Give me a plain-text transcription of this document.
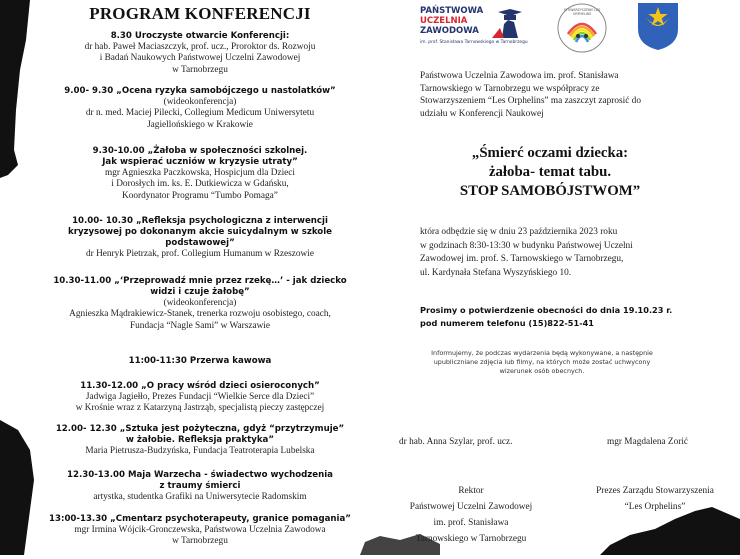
PROGRAM KONFERENCJI
8.30 Uroczyste otwarcie Konferencji:
dr hab. Paweł Maciaszczyk, prof. ucz., Proroktor ds. Rozwoju
i Badań Naukowych Państwowej Uczelni Zawodowej
w Tarnobrzegu
9.00- 9.30 „Ocena ryzyka samobójczego u nastolatków”
(wideokonferencja)
dr n. med. Maciej Pilecki, Collegium Medicum Uniwersytetu
Jagiellońskiego w Krakowie
9.30-10.00 „Żałoba w społeczności szkolnej.
Jak wspierać uczniów w kryzysie utraty”
mgr Agnieszka Paczkowska, Hospicjum dla Dzieci
i Dorosłych im. ks. E. Dutkiewicza w Gdańsku,
Koordynator Programu “Tumbo Pomaga”
10.00- 10.30 „Refleksja psychologiczna z interwencji
kryzysowej po dokonanym akcie suicydalnym w szkole
podstawowej”
dr Henryk Pietrzak, prof. Collegium Humanum w Rzeszowie
10.30-11.00 „‘Przeprowadź mnie przez rzekę…’ - jak dziecko
widzi i czuje żałobę”
(wideokonferencja)
Agnieszka Mądrakiewicz-Stanek, trenerka rozwoju osobistego, coach,
Fundacja “Nagle Sami” w Warszawie
11:00-11:30 Przerwa kawowa
11.30-12.00 „O pracy wśród dzieci osieroconych”
Jadwiga Jagiełło, Prezes Fundacji “Wielkie Serce dla Dzieci”
w Krośnie wraz z Katarzyną Jastrząb, specjalistą pieczy zastępczej
12.00- 12.30 „Sztuka jest pożyteczna, gdyż “przytrzymuje”
w żałobie. Refleksja praktyka”
Maria Pietrusza-Budzyńska, Fundacja Teatroterapia Lubelska
12.30-13.00 Maja Warzecha - świadectwo wychodzenia
z traumy śmierci
artystka, studentka Grafiki na Uniwersytecie Radomskim
13:00-13.30 „Cmentarz psychoterapeuty, granice pomagania”
mgr Irmina Wójcik-Gronczewska, Państwowa Uczelnia Zawodowa
w Tarnobrzegu
PAŃSTWOWA
UCZELNIA
ZAWODOWA
im. prof. Stanisława Tarnowskiego w Tarnobrzegu
STOWARZYSZENIE LES ORPHELINS
Państwowa Uczelnia Zawodowa im. prof. Stanisława
Tarnowskiego w Tarnobrzegu we współpracy ze
Stowarzyszeniem “Les Orphelins” ma zaszczyt zaprosić do
udziału w Konferencji Naukowej
„Śmierć oczami dziecka:
żałoba- temat tabu.
STOP SAMOBÓJSTWOM”
która odbędzie się w dniu 23 października 2023 roku
w godzinach 8:30-13:30 w budynku Państwowej Uczelni
Zawodowej im. prof. S. Tarnowskiego w Tarnobrzegu,
ul. Kardynała Stefana Wyszyńskiego 10.
Prosimy o potwierdzenie obecności do dnia 19.10.23 r.
pod numerem telefonu (15)822-51-41
Informujemy, że podczas wydarzenia będą wykonywane, a następnie
upubliczniane zdjęcia lub filmy, na których może zostać uchwycony
wizerunek osób obecnych.
dr hab. Anna Szylar, prof. ucz.	mgr Magdalena Zorić
Rektor
Państwowej Uczelni Zawodowej
im. prof. Stanisława
Tarnowskiego w Tarnobrzegu
Prezes Zarządu Stowarzyszenia
“Les Orphelins”
